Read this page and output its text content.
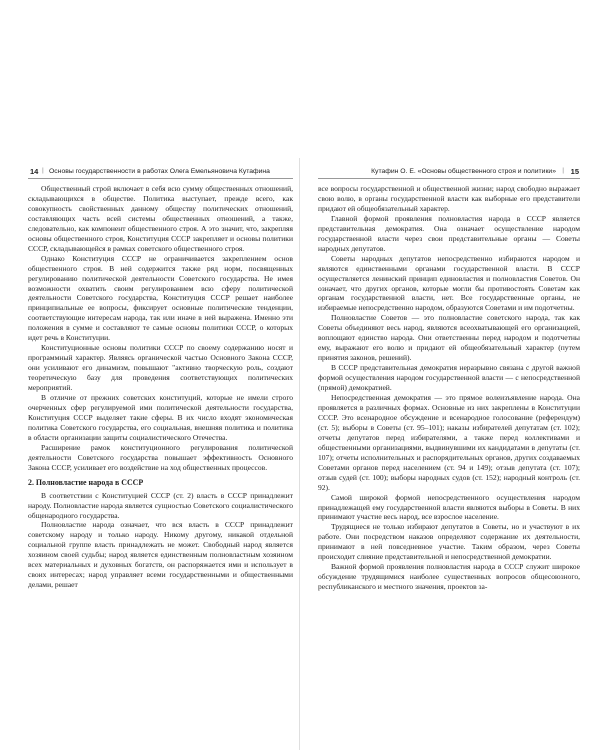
14 | Основы государственности в работах Олега Емельяновича Кутафина

Общественный строй включает в себя всю сумму общественных отношений, складывающихся в обществе. Политика выступает, прежде всего, как совокупность свойственных данному обществу политических отношений, составляющих часть всей системы общественных отношений, а также, следовательно, как компонент общественного строя. А это значит, что, закрепляя основы общественного строя, Конституция СССР закрепляет и основы политики СССР, складывающейся в рамках советского общественного строя.

Однако Конституция СССР не ограничивается закреплением основ общественного строя. В ней содержится также ряд норм, посвященных регулированию политической деятельности Советского государства. Не имея возможности охватить своим регулированием всю сферу политической деятельности Советского государства, Конституция СССР решает наиболее принципиальные ее вопросы, фиксирует основные политические тенденции, соответствующие интересам народа, так или иначе в ней выражена. Именно эти положения в сумме и составляют те самые основы политики СССР, о которых идет речь в Конституции.

Конституционные основы политики СССР по своему содержанию носят и программный характер. Являясь органической частью Основного Закона СССР, они усиливают его динамизм, повышают "активно творческую роль, создают теоретическую базу для проведения соответствующих политических мероприятий.

В отличие от прежних советских конституций, которые не имели строго очерченных сфер регулируемой ими политической деятельности государства, Конституция СССР выделяет такие сферы. В их число входят экономическая политика Советского государства, его социальная, внешняя политика и политика в области организации защиты социалистического Отечества.

Расширение рамок конституционного регулирования политической деятельности Советского государства повышает эффективность Основного Закона СССР, усиливает его воздействие на ход общественных процессов.

2. Полновластие народа в СССР

В соответствии с Конституцией СССР (ст. 2) власть в СССР принадлежит народу. Полновластие народа является сущностью Советского социалистического общенародного государства.

Полновластие народа означает, что вся власть в СССР принадлежит советскому народу и только народу. Никому другому, никакой отдельной социальной группе власть принадлежать не может. Свободный народ является хозяином своей судьбы; народ является единственным полновластным хозяином всех материальных и духовных богатств, он распоряжается ими и использует в своих интересах; народ управляет всеми государственными и общественными делами, решает

Кутафин О. Е. «Основы общественного строя и политики» | 15

все вопросы государственной и общественной жизни; народ свободно выражает свою волю, в органы государственной власти как выборные его представители придают ей общеобязательный характер.

Главной формой проявления полновластия народа в СССР является представительная демократия. Она означает осуществление народом государственной власти через свои представительные органы — Советы народных депутатов.

Советы народных депутатов непосредственно избираются народом и являются единственными органами государственной власти. В СССР осуществляется ленинский принцип единовластия и полновластия Советов. Он означает, что других органов, которые могли бы противостоять Советам как органам государственной власти, нет. Все государственные органы, не избираемые непосредственно народом, образуются Советами и им подотчетны.

Полновластие Советов — это полновластие советского народа, так как Советы объединяют весь народ, являются всеохватывающей его организацией, воплощают единство народа. Они ответственны перед народом и подотчетны ему, выражают его волю и придают ей общеобязательный характер (путем принятия законов, решений).

В СССР представительная демократия неразрывно связана с другой важной формой осуществления народом государственной власти — с непосредственной (прямой) демократией.

Непосредственная демократия — это прямое волеизъявление народа. Она проявляется в различных формах. Основные из них закреплены в Конституции СССР. Это всенародное обсуждение и всенародное голосование (референдум) (ст. 5); выборы в Советы (ст. 95–101); наказы избирателей депутатам (ст. 102); отчеты депутатов перед избирателями, а также перед коллективами и общественными организациями, выдвинувшими их кандидатами в депутаты (ст. 107); отчеты исполнительных и распорядительных органов, других создаваемых Советами органов перед населением (ст. 94 и 149); отзыв депутата (ст. 107); отзыв судей (ст. 100); выборы народных судов (ст. 152); народный контроль (ст. 92).

Самой широкой формой непосредственного осуществления народом принадлежащей ему государственной власти являются выборы в Советы. В них принимают участие весь народ, все взрослое население.

Трудящиеся не только избирают депутатов в Советы, но и участвуют в их работе. Они посредством наказов определяют содержание их деятельности, принимают в ней повседневное участие. Таким образом, через Советы происходит слияние представительной и непосредственной демократии.

Важной формой проявления полновластия народа в СССР служит широкое обсуждение трудящимися наиболее существенных вопросов общесоюзного, республиканского и местного значения, проектов за-
